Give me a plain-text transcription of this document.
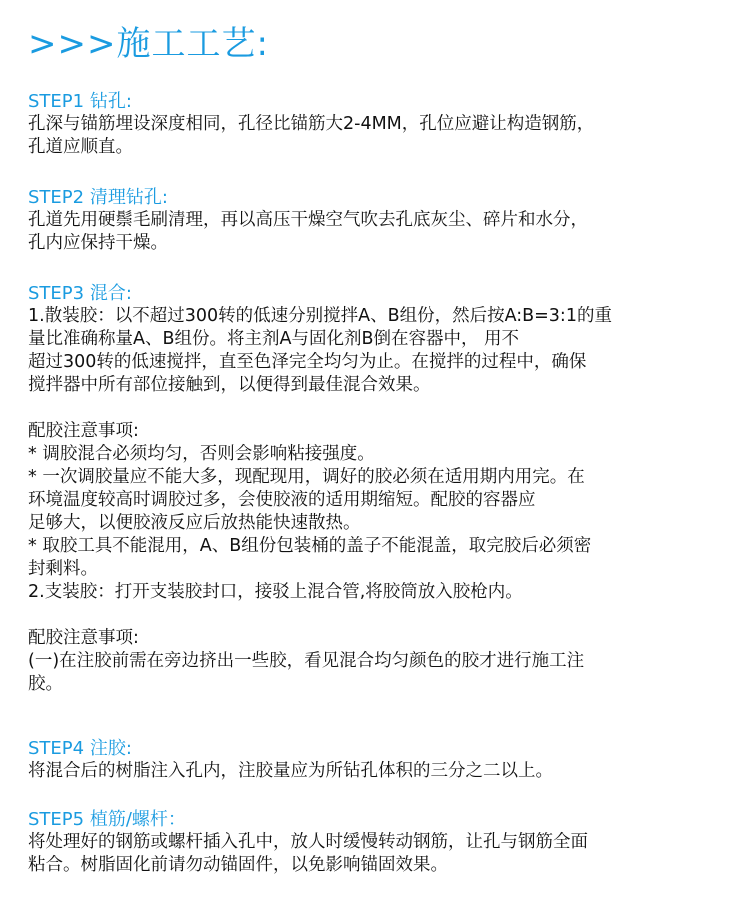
>>>施工工艺:

STEP1 钻孔:

孔深与锚筋埋设深度相同，孔径比锚筋大2-4MM，孔位应避让构造钢筋，

孔道应顺直。

STEP2 清理钻孔:

孔道先用硬鬃毛刷清理，再以高压干燥空气吹去孔底灰尘、碎片和水分，

孔内应保持干燥。

STEP3 混合:

1.散装胶：以不超过300转的低速分别搅拌A、B组份，然后按A:B=3:1的重

量比准确称量A、B组份。将主剂A与固化剂B倒在容器中， 用不

超过300转的低速搅拌，直至色泽完全均匀为止。在搅拌的过程中，确保

搅拌器中所有部位接触到，以便得到最佳混合效果。

配胶注意事项:

* 调胶混合必须均匀，否则会影响粘接强度。

* 一次调胶量应不能大多，现配现用，调好的胶必须在适用期内用完。在

环境温度较高时调胶过多，会使胶液的适用期缩短。配胶的容器应

足够大，以便胶液反应后放热能快速散热。

* 取胶工具不能混用，A、B组份包装桶的盖子不能混盖，取完胶后必须密

封剩料。

2.支装胶：打开支装胶封口，接驳上混合管,将胶筒放入胶枪内。

配胶注意事项:

(一)在注胶前需在旁边挤出一些胶，看见混合均匀颜色的胶才进行施工注

胶。

STEP4 注胶:

将混合后的树脂注入孔内，注胶量应为所钻孔体积的三分之二以上。

STEP5 植筋/螺杆：

将处理好的钢筋或螺杆插入孔中，放人时缓慢转动钢筋，让孔与钢筋全面

粘合。树脂固化前请勿动锚固件，以免影响锚固效果。
